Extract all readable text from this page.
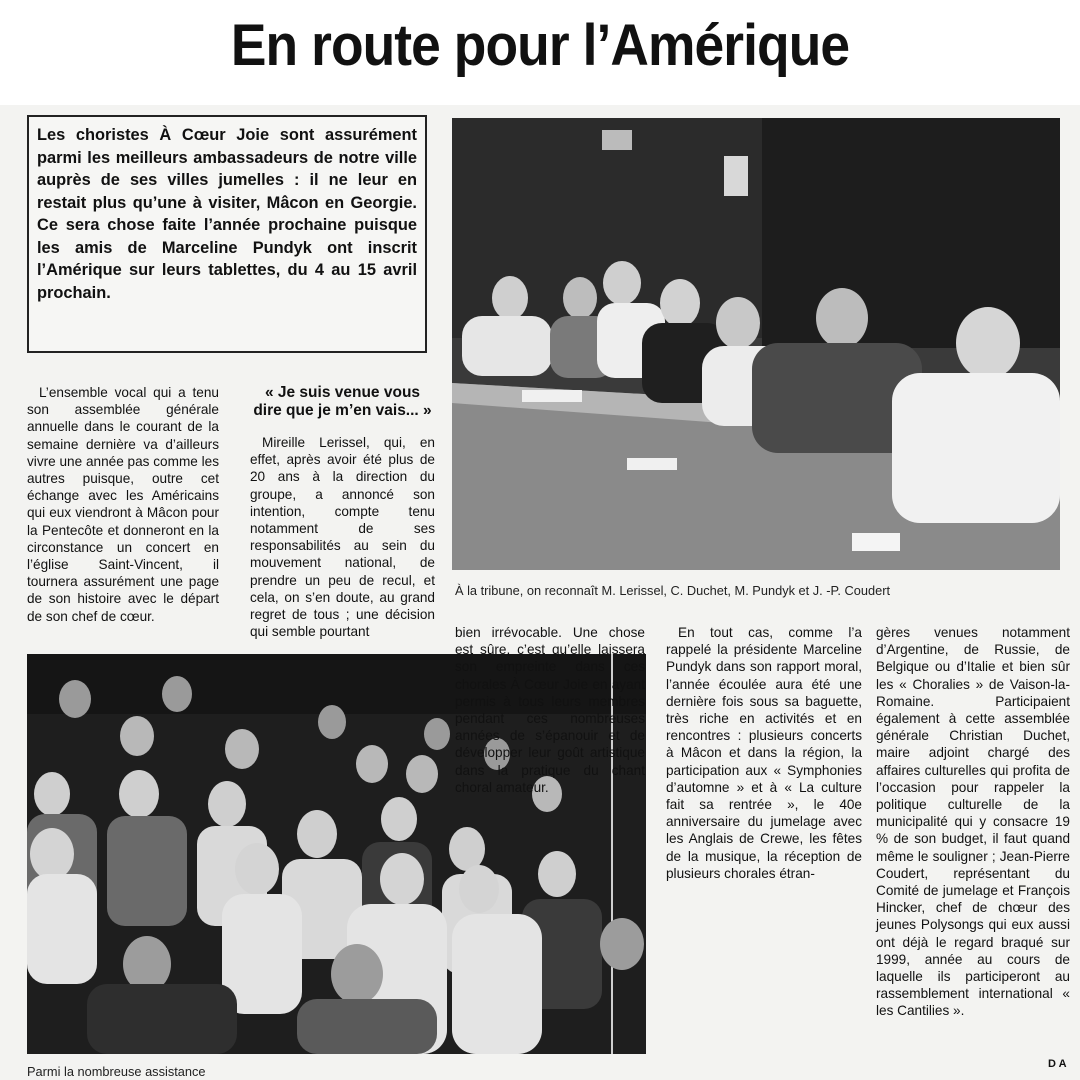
En route pour l’Amérique
Les choristes À Cœur Joie sont assurément parmi les meilleurs ambassadeurs de notre ville auprès de ses villes jumelles : il ne leur en restait plus qu’une à visiter, Mâcon en Georgie. Ce sera chose faite l’année prochaine puisque les amis de Marceline Pundyk ont inscrit l’Amérique sur leurs tablettes, du 4 au 15 avril prochain.

L’ensemble vocal qui a tenu son assemblée générale annuelle dans le courant de la semaine dernière va d’ailleurs vivre une année pas comme les autres puisque, outre cet échange avec les Américains qui eux viendront à Mâcon pour la Pentecôte et donneront en la circonstance un concert en l’église Saint-Vincent, il tournera assurément une page de son histoire avec le départ de son chef de cœur.

« Je suis venue vous dire que je m’en vais... »

Mireille Lerissel, qui, en effet, après avoir été plus de 20 ans à la direction du groupe, a annoncé son intention, compte tenu notamment de ses responsabilités au sein du mouvement national, de prendre un peu de recul, et cela, on s’en doute, au grand regret de tous ; une décision qui semble pourtant

À la tribune, on reconnaît M. Lerissel, C. Duchet, M. Pundyk et J. -P. Coudert
Parmi la nombreuse assistance

bien irrévocable. Une chose est sûre, c’est qu’elle laissera son empreinte dans ces chorales À Cœur Joie en ayant permis à tous leurs membres pendant ces nombreuses années de s’épanouir et de développer leur goût artistique dans la pratique du chant choral amateur.

En tout cas, comme l’a rappelé la présidente Marceline Pundyk dans son rapport moral, l’année écoulée aura été une dernière fois sous sa baguette, très riche en activités et en rencontres : plusieurs concerts à Mâcon et dans la région, la participation aux « Symphonies d’automne » et à « La culture fait sa rentrée », le 40e anniversaire du jumelage avec les Anglais de Crewe, les fêtes de la musique, la réception de plusieurs chorales étran-

gères venues notamment d’Argentine, de Russie, de Belgique ou d’Italie et bien sûr les « Choralies » de Vaison-la-Romaine. Participaient également à cette assemblée générale Christian Duchet, maire adjoint chargé des affaires culturelles qui profita de l’occasion pour rappeler la politique culturelle de la municipalité qui y consacre 19 % de son budget, il faut quand même le souligner ; Jean-Pierre Coudert, représentant du Comité de jumelage et François Hincker, chef de chœur des jeunes Polysongs qui eux aussi ont déjà le regard braqué sur 1999, année au cours de laquelle ils participeront au rassemblement international « les Cantilies ».

D A
